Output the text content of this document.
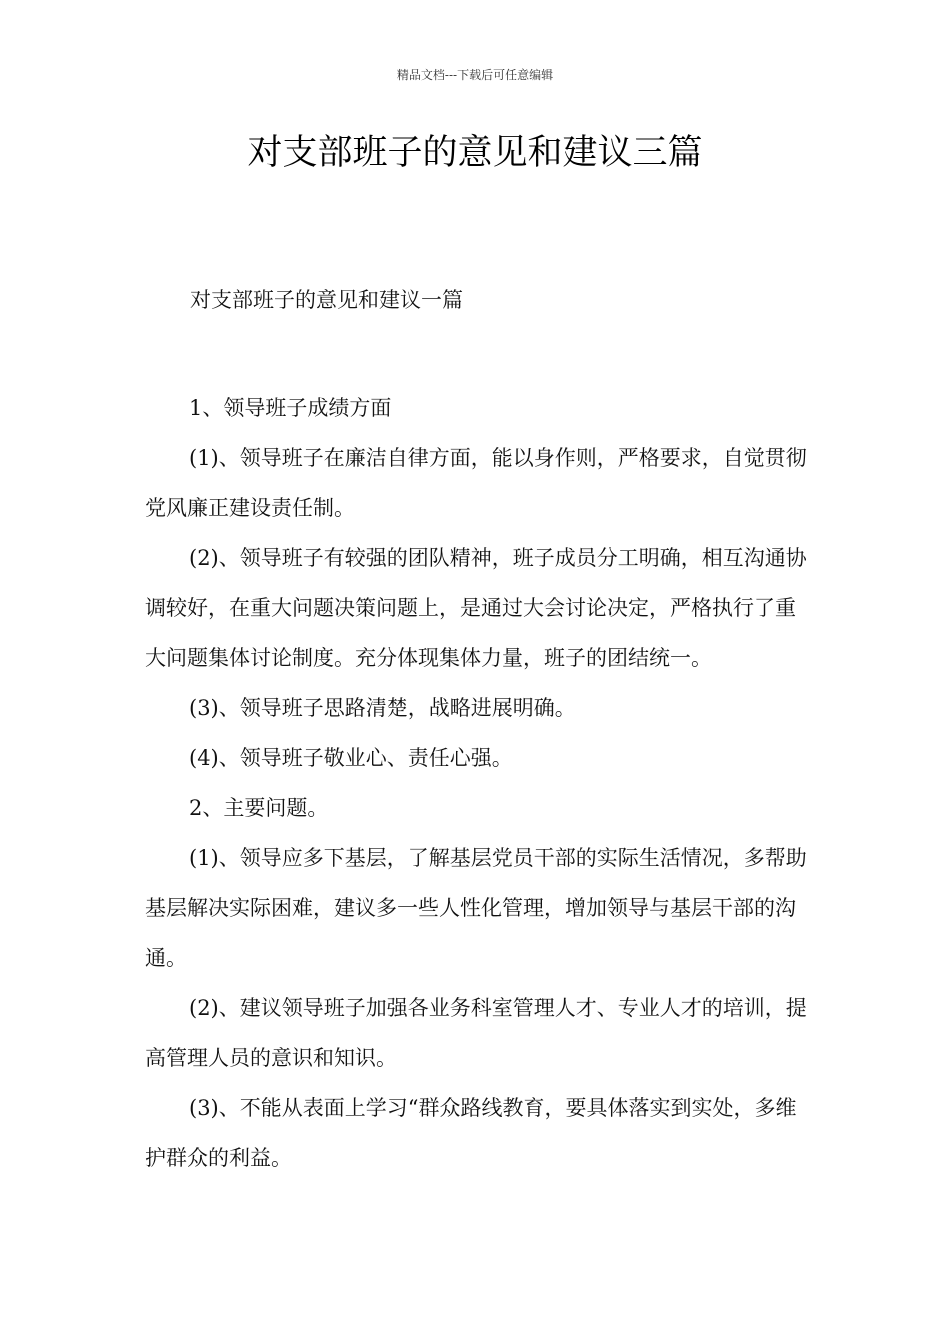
精品文档---下载后可任意编辑
对支部班子的意见和建议三篇
对支部班子的意见和建议一篇

1、领导班子成绩方面

(1)、领导班子在廉洁自律方面，能以身作则，严格要求，自觉贯彻党风廉正建设责任制。

(2)、领导班子有较强的团队精神，班子成员分工明确，相互沟通协调较好，在重大问题决策问题上，是通过大会讨论决定，严格执行了重大问题集体讨论制度。充分体现集体力量，班子的团结统一。

(3)、领导班子思路清楚，战略进展明确。

(4)、领导班子敬业心、责任心强。

2、主要问题。

(1)、领导应多下基层，了解基层党员干部的实际生活情况，多帮助基层解决实际困难，建议多一些人性化管理，增加领导与基层干部的沟通。

(2)、建议领导班子加强各业务科室管理人才、专业人才的培训，提高管理人员的意识和知识。

(3)、不能从表面上学习“群众路线教育，要具体落实到实处，多维护群众的利益。
